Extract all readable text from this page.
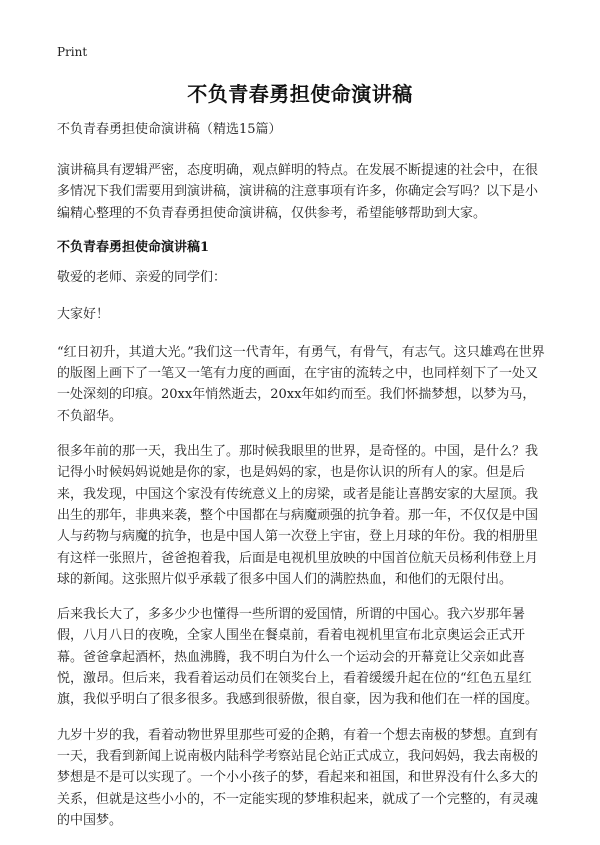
Print
不负青春勇担使命演讲稿

不负青春勇担使命演讲稿（精选15篇）

演讲稿具有逻辑严密，态度明确，观点鲜明的特点。在发展不断提速的社会中，在很多情况下我们需要用到演讲稿，演讲稿的注意事项有许多，你确定会写吗？以下是小编精心整理的不负青春勇担使命演讲稿，仅供参考，希望能够帮助到大家。

不负青春勇担使命演讲稿1

敬爱的老师、亲爱的同学们：

大家好！

“红日初升，其道大光。”我们这一代青年，有勇气，有骨气，有志气。这只雄鸡在世界的版图上画下了一笔又一笔有力度的画面，在宇宙的流转之中，也同样刻下了一处又一处深刻的印痕。20xx年悄然逝去，20xx年如约而至。我们怀揣梦想，以梦为马，不负韶华。

很多年前的那一天，我出生了。那时候我眼里的世界，是奇怪的。中国，是什么？我记得小时候妈妈说她是你的家，也是妈妈的家，也是你认识的所有人的家。但是后来，我发现，中国这个家没有传统意义上的房梁，或者是能让喜鹊安家的大屋顶。我出生的那年，非典来袭，整个中国都在与病魔顽强的抗争着。那一年，不仅仅是中国人与药物与病魔的抗争，也是中国人第一次登上宇宙，登上月球的年份。我的相册里有这样一张照片，爸爸抱着我，后面是电视机里放映的中国首位航天员杨利伟登上月球的新闻。这张照片似乎承载了很多中国人们的满腔热血，和他们的无限付出。

后来我长大了，多多少少也懂得一些所谓的爱国情，所谓的中国心。我六岁那年暑假，八月八日的夜晚，全家人围坐在餐桌前，看着电视机里宣布北京奥运会正式开幕。爸爸拿起酒杯，热血沸腾，我不明白为什么一个运动会的开幕竟让父亲如此喜悦，激昂。但后来，我看着运动员们在领奖台上，看着缓缓升起在位的“红色五星红旗，我似乎明白了很多很多。我感到很骄傲，很自豪，因为我和他们在一样的国度。

九岁十岁的我，看着动物世界里那些可爱的企鹅，有着一个想去南极的梦想。直到有一天，我看到新闻上说南极内陆科学考察站昆仑站正式成立，我问妈妈，我去南极的梦想是不是可以实现了。一个小小孩子的梦，看起来和祖国，和世界没有什么多大的关系，但就是这些小小的，不一定能实现的梦堆积起来，就成了一个完整的，有灵魂的中国梦。
